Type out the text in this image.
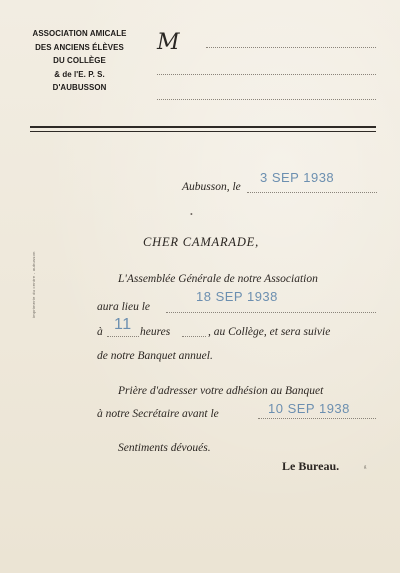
ASSOCIATION AMICALE
DES ANCIENS ÉLÈVES
DU COLLÈGE
& de l'E. P. S.
D'AUBUSSON
M
Aubusson, le
3 SEP 1938
•
CHER CAMARADE,
L'Assemblée Générale de notre Association
aura lieu le
18 SEP 1938
à 11 heures	, au Collège, et sera suivie
de notre Banquet annuel.
Prière d'adresser votre adhésion au Banquet
à notre Secrétaire avant le	10 SEP 1938
Sentiments dévoués.
Le Bureau.	ᵍ
imprimerie du centre - aubusson
